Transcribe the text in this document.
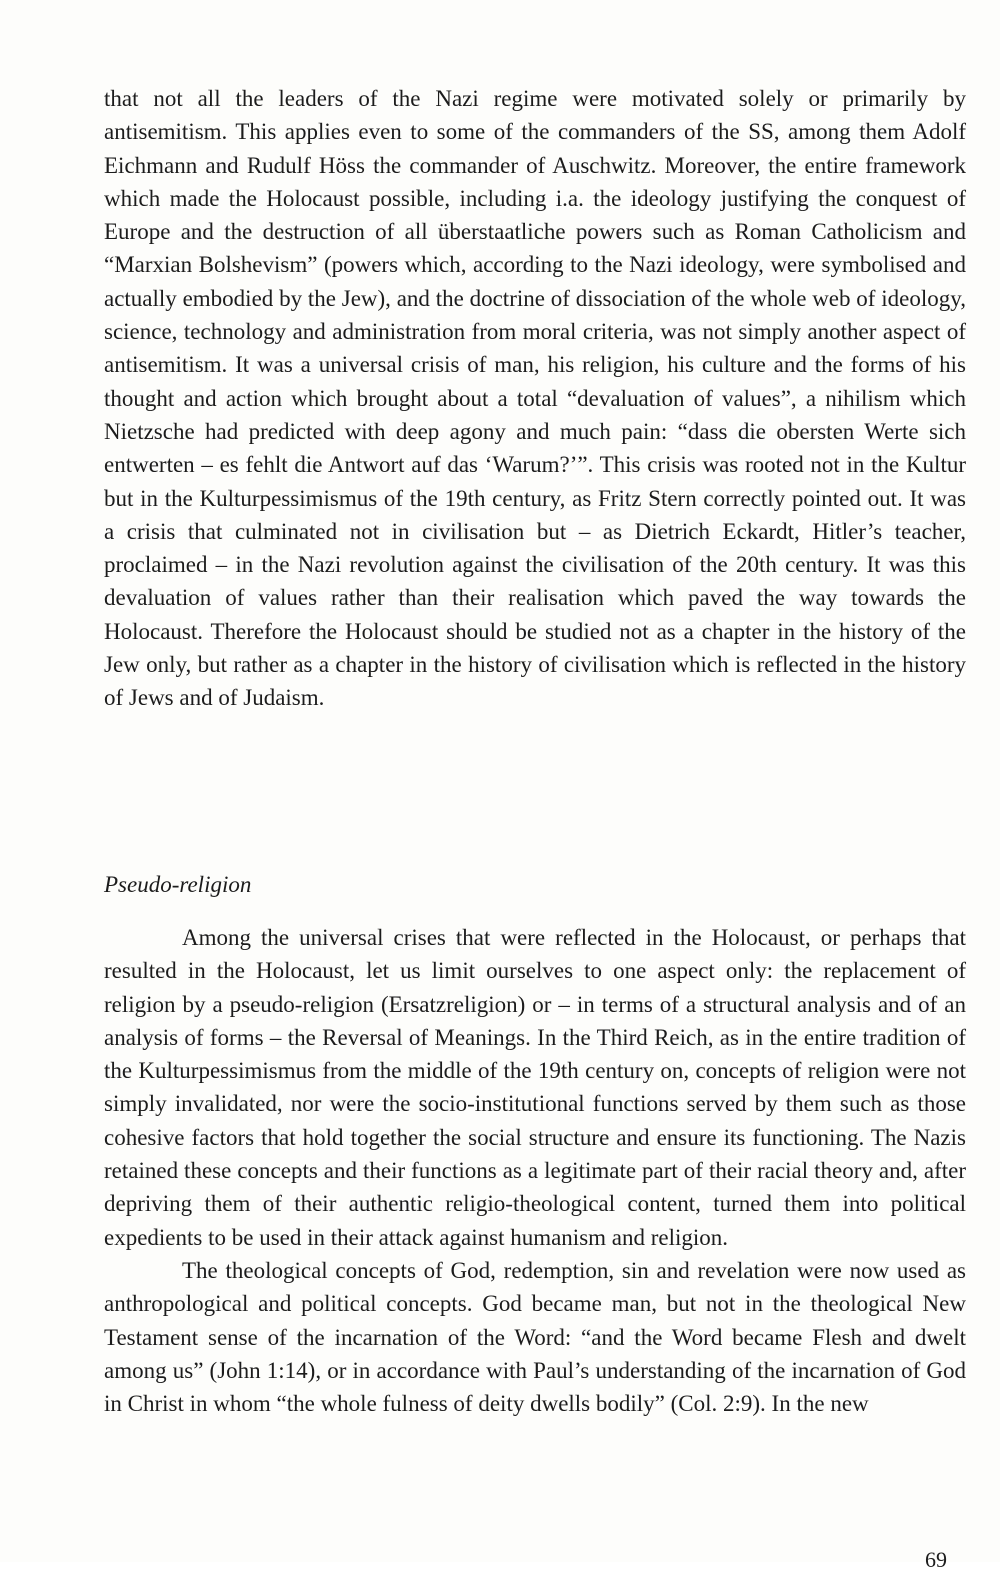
that not all the leaders of the Nazi regime were motivated solely or primarily by antisemitism. This applies even to some of the commanders of the SS, among them Adolf Eichmann and Rudulf Höss the commander of Auschwitz. Moreover, the entire framework which made the Holocaust possible, including i.a. the ideology justifying the conquest of Europe and the destruction of all überstaatliche powers such as Roman Catholicism and “Marxian Bolshevism” (powers which, according to the Nazi ideology, were symbolised and actually embodied by the Jew), and the doctrine of dissociation of the whole web of ideology, science, technology and administration from moral criteria, was not simply another aspect of antisemitism. It was a universal crisis of man, his religion, his culture and the forms of his thought and action which brought about a total “devaluation of values”, a nihilism which Nietzsche had predicted with deep agony and much pain: “dass die obersten Werte sich entwerten – es fehlt die Antwort auf das ‘Warum?’”. This crisis was rooted not in the Kultur but in the Kulturpessimismus of the 19th century, as Fritz Stern correctly pointed out. It was a crisis that culminated not in civilisation but – as Dietrich Eckardt, Hitler’s teacher, proclaimed – in the Nazi revolution against the civilisation of the 20th century. It was this devaluation of values rather than their realisation which paved the way towards the Holocaust. Therefore the Holocaust should be studied not as a chapter in the history of the Jew only, but rather as a chapter in the history of civilisation which is reflected in the history of Jews and of Judaism.

Pseudo-religion

Among the universal crises that were reflected in the Holocaust, or perhaps that resulted in the Holocaust, let us limit ourselves to one aspect only: the replacement of religion by a pseudo-religion (Ersatzreligion) or – in terms of a structural analysis and of an analysis of forms – the Reversal of Meanings. In the Third Reich, as in the entire tradition of the Kulturpessimismus from the middle of the 19th century on, concepts of religion were not simply invalidated, nor were the socio-institutional functions served by them such as those cohesive factors that hold together the social structure and ensure its functioning. The Nazis retained these concepts and their functions as a legitimate part of their racial theory and, after depriving them of their authentic religio-theological content, turned them into political expedients to be used in their attack against humanism and religion.

The theological concepts of God, redemption, sin and revelation were now used as anthropological and political concepts. God became man, but not in the theological New Testament sense of the incarnation of the Word: “and the Word became Flesh and dwelt among us” (John 1:14), or in accordance with Paul’s understanding of the incarnation of God in Christ in whom “the whole fulness of deity dwells bodily” (Col. 2:9). In the new

69
